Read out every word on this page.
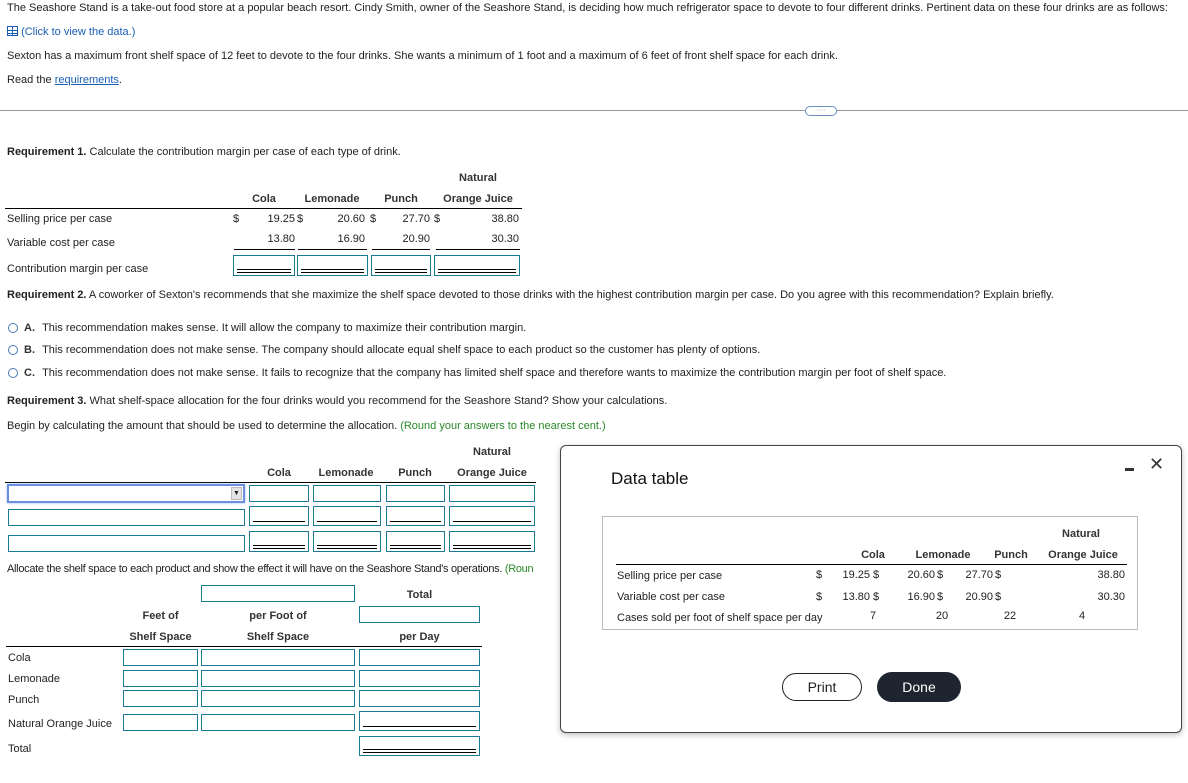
The Seashore Stand is a take-out food store at a popular beach resort. Cindy Smith, owner of the Seashore Stand, is deciding how much refrigerator space to devote to four different drinks. Pertinent data on these four drinks are as follows:
(Click to view the data.)
Sexton has a maximum front shelf space of 12 feet to devote to the four drinks. She wants a minimum of 1 foot and a maximum of 6 feet of front shelf space for each drink.
Read the requirements.
····
Requirement 1. Calculate the contribution margin per case of each type of drink.
Natural
Cola	Lemonade	Punch	Orange Juice
Selling price per case	$	19.25 $	20.60 $	27.70 $	38.80
Variable cost per case	13.80	16.90	20.90	30.30
Contribution margin per case
Requirement 2. A coworker of Sexton's recommends that she maximize the shelf space devoted to those drinks with the highest contribution margin per case. Do you agree with this recommendation? Explain briefly.
A. This recommendation makes sense. It will allow the company to maximize their contribution margin.
B. This recommendation does not make sense. The company should allocate equal shelf space to each product so the customer has plenty of options.
C. This recommendation does not make sense. It fails to recognize that the company has limited shelf space and therefore wants to maximize the contribution margin per foot of shelf space.
Requirement 3. What shelf-space allocation for the four drinks would you recommend for the Seashore Stand? Show your calculations.
Begin by calculating the amount that should be used to determine the allocation. (Round your answers to the nearest cent.)
Natural
Cola	Lemonade	Punch	Orange Juice
▼
Allocate the shelf space to each product and show the effect it will have on the Seashore Stand's operations. (Roun
Total
Feet of	per Foot of
Shelf Space	Shelf Space	per Day
Cola
Lemonade
Punch
Natural Orange Juice
Total
Data table
✕
Natural
Cola	Lemonade	Punch	Orange Juice
Selling price per case	$	19.25 $	20.60 $	27.70 $	38.80
Variable cost per case	$	13.80 $	16.90 $	20.90 $	30.30
Cases sold per foot of shelf space per day	7	20	22	4
Print	Done
